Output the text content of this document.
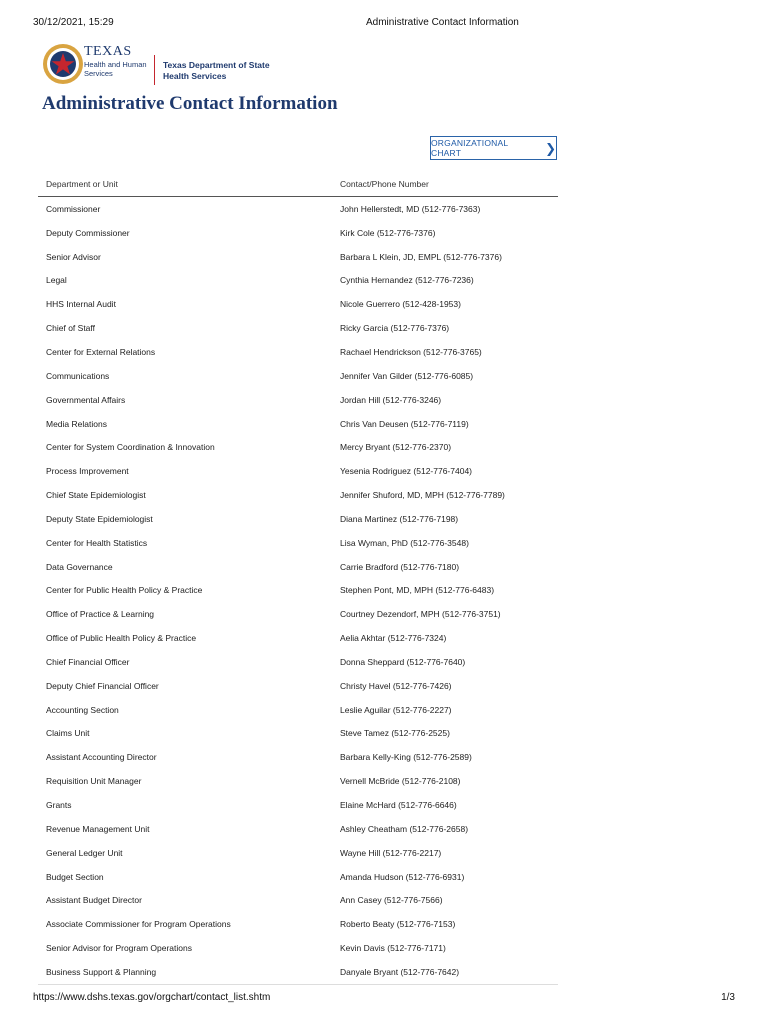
30/12/2021, 15:29	Administrative Contact Information
TEXAS
Health and Human Services
Texas Department of State Health Services
Administrative Contact Information
ORGANIZATIONAL CHART	❯
Department or Unit	Contact/Phone Number
Commissioner	John Hellerstedt, MD (512-776-7363)
Deputy Commissioner	Kirk Cole (512-776-7376)
Senior Advisor	Barbara L Klein, JD, EMPL (512-776-7376)
Legal	Cynthia Hernandez (512-776-7236)
HHS Internal Audit	Nicole Guerrero (512-428-1953)
Chief of Staff	Ricky Garcia (512-776-7376)
Center for External Relations	Rachael Hendrickson (512-776-3765)
Communications	Jennifer Van Gilder (512-776-6085)
Governmental Affairs	Jordan Hill (512-776-3246)
Media Relations	Chris Van Deusen (512-776-7119)
Center for System Coordination & Innovation	Mercy Bryant (512-776-2370)
Process Improvement	Yesenia Rodriguez (512-776-7404)
Chief State Epidemiologist	Jennifer Shuford, MD, MPH (512-776-7789)
Deputy State Epidemiologist	Diana Martinez (512-776-7198)
Center for Health Statistics	Lisa Wyman, PhD (512-776-3548)
Data Governance	Carrie Bradford (512-776-7180)
Center for Public Health Policy & Practice	Stephen Pont, MD, MPH (512-776-6483)
Office of Practice & Learning	Courtney Dezendorf, MPH (512-776-3751)
Office of Public Health Policy & Practice	Aelia Akhtar (512-776-7324)
Chief Financial Officer	Donna Sheppard (512-776-7640)
Deputy Chief Financial Officer	Christy Havel (512-776-7426)
Accounting Section	Leslie Aguilar (512-776-2227)
Claims Unit	Steve Tamez (512-776-2525)
Assistant Accounting Director	Barbara Kelly-King (512-776-2589)
Requisition Unit Manager	Vernell McBride (512-776-2108)
Grants	Elaine McHard (512-776-6646)
Revenue Management Unit	Ashley Cheatham (512-776-2658)
General Ledger Unit	Wayne Hill (512-776-2217)
Budget Section	Amanda Hudson (512-776-6931)
Assistant Budget Director	Ann Casey (512-776-7566)
Associate Commissioner for Program Operations	Roberto Beaty (512-776-7153)
Senior Advisor for Program Operations	Kevin Davis (512-776-7171)
Business Support & Planning	Danyale Bryant (512-776-7642)
https://www.dshs.texas.gov/orgchart/contact_list.shtm	1/3
